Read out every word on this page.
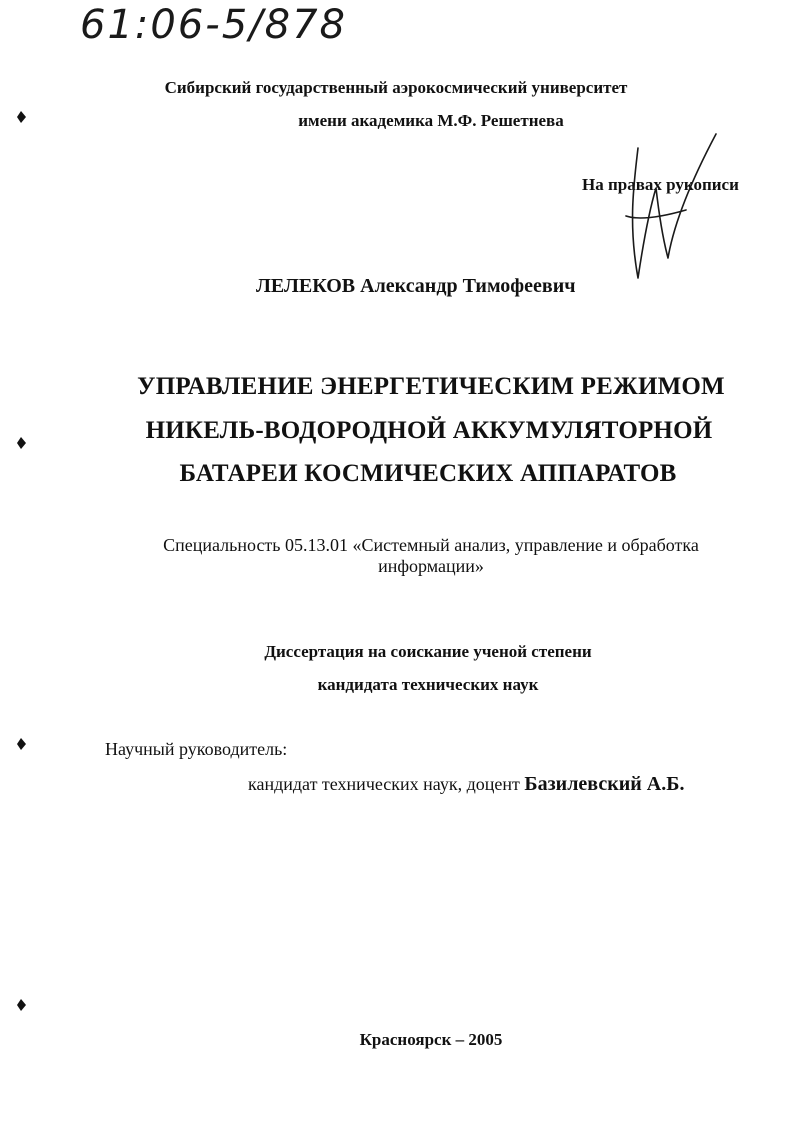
61:06-5/878
Сибирский государственный аэрокосмический университет
имени академика М.Ф. Решетнева
На правах рукописи
ЛЕЛЕКОВ Александр Тимофеевич
УПРАВЛЕНИЕ ЭНЕРГЕТИЧЕСКИМ РЕЖИМОМ
НИКЕЛЬ-ВОДОРОДНОЙ АККУМУЛЯТОРНОЙ
БАТАРЕИ КОСМИЧЕСКИХ АППАРАТОВ
Специальность 05.13.01 «Системный анализ, управление и обработка
информации»
Диссертация на соискание ученой степени
кандидата технических наук
Научный руководитель:
кандидат технических наук, доцент Базилевский А.Б.
Красноярск – 2005
